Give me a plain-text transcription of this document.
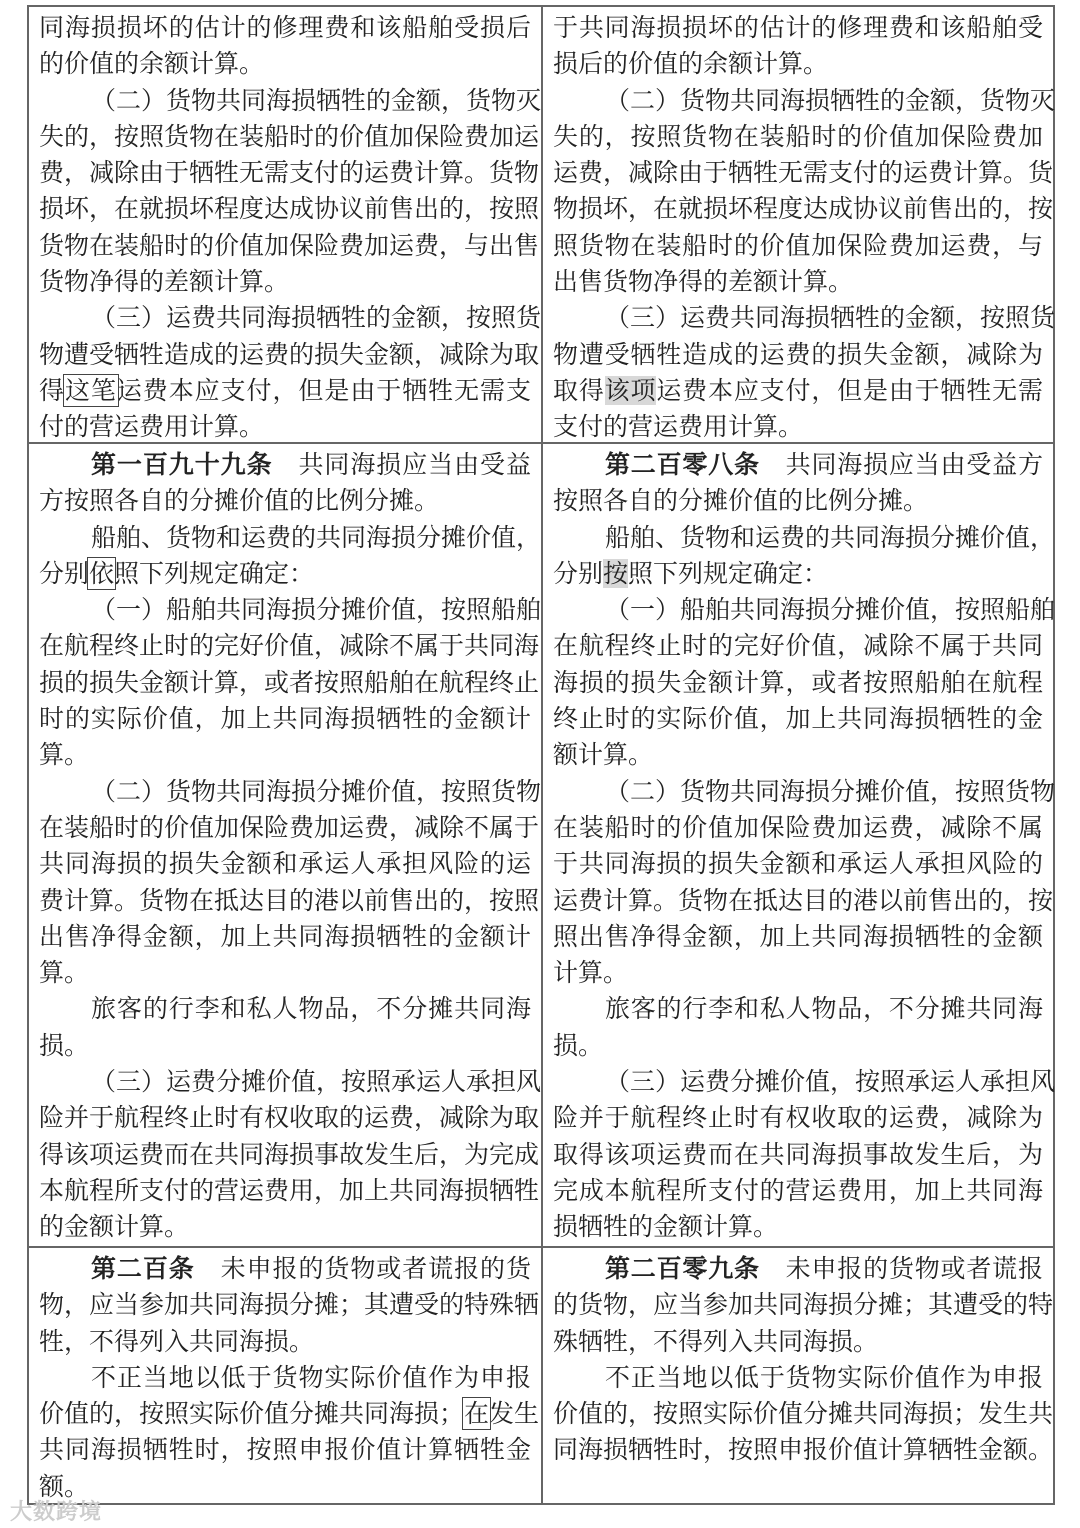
同海损损坏的估计的修理费和该船舶受损后
的价值的余额计算。
（二）货物共同海损牺牲的金额，货物灭
失的，按照货物在装船时的价值加保险费加运
费，减除由于牺牲无需支付的运费计算。货物
损坏，在就损坏程度达成协议前售出的，按照
货物在装船时的价值加保险费加运费，与出售
货物净得的差额计算。
（三）运费共同海损牺牲的金额，按照货
物遭受牺牲造成的运费的损失金额，减除为取
得这笔运费本应支付，但是由于牺牲无需支
付的营运费用计算。
于共同海损损坏的估计的修理费和该船舶受
损后的价值的余额计算。
（二）货物共同海损牺牲的金额，货物灭
失的，按照货物在装船时的价值加保险费加
运费，减除由于牺牲无需支付的运费计算。货
物损坏，在就损坏程度达成协议前售出的，按
照货物在装船时的价值加保险费加运费，与
出售货物净得的差额计算。
（三）运费共同海损牺牲的金额，按照货
物遭受牺牲造成的运费的损失金额，减除为
取得该项运费本应支付，但是由于牺牲无需
支付的营运费用计算。
第一百九十九条　共同海损应当由受益
方按照各自的分摊价值的比例分摊。
船舶、货物和运费的共同海损分摊价值，
分别依照下列规定确定：
（一）船舶共同海损分摊价值，按照船舶
在航程终止时的完好价值，减除不属于共同海
损的损失金额计算，或者按照船舶在航程终止
时的实际价值，加上共同海损牺牲的金额计
算。
（二）货物共同海损分摊价值，按照货物
在装船时的价值加保险费加运费，减除不属于
共同海损的损失金额和承运人承担风险的运
费计算。货物在抵达目的港以前售出的，按照
出售净得金额，加上共同海损牺牲的金额计
算。
旅客的行李和私人物品，不分摊共同海
损。
（三）运费分摊价值，按照承运人承担风
险并于航程终止时有权收取的运费，减除为取
得该项运费而在共同海损事故发生后，为完成
本航程所支付的营运费用，加上共同海损牺牲
的金额计算。
第二百零八条　共同海损应当由受益方
按照各自的分摊价值的比例分摊。
船舶、货物和运费的共同海损分摊价值，
分别按照下列规定确定：
（一）船舶共同海损分摊价值，按照船舶
在航程终止时的完好价值，减除不属于共同
海损的损失金额计算，或者按照船舶在航程
终止时的实际价值，加上共同海损牺牲的金
额计算。
（二）货物共同海损分摊价值，按照货物
在装船时的价值加保险费加运费，减除不属
于共同海损的损失金额和承运人承担风险的
运费计算。货物在抵达目的港以前售出的，按
照出售净得金额，加上共同海损牺牲的金额
计算。
旅客的行李和私人物品，不分摊共同海
损。
（三）运费分摊价值，按照承运人承担风
险并于航程终止时有权收取的运费，减除为
取得该项运费而在共同海损事故发生后，为
完成本航程所支付的营运费用，加上共同海
损牺牲的金额计算。
第二百条　未申报的货物或者谎报的货
物，应当参加共同海损分摊；其遭受的特殊牺
牲，不得列入共同海损。
不正当地以低于货物实际价值作为申报
价值的，按照实际价值分摊共同海损；在发生
共同海损牺牲时，按照申报价值计算牺牲金
额。
第二百零九条　未申报的货物或者谎报
的货物，应当参加共同海损分摊；其遭受的特
殊牺牲，不得列入共同海损。
不正当地以低于货物实际价值作为申报
价值的，按照实际价值分摊共同海损；发生共
同海损牺牲时，按照申报价值计算牺牲金额。
大数跨境
